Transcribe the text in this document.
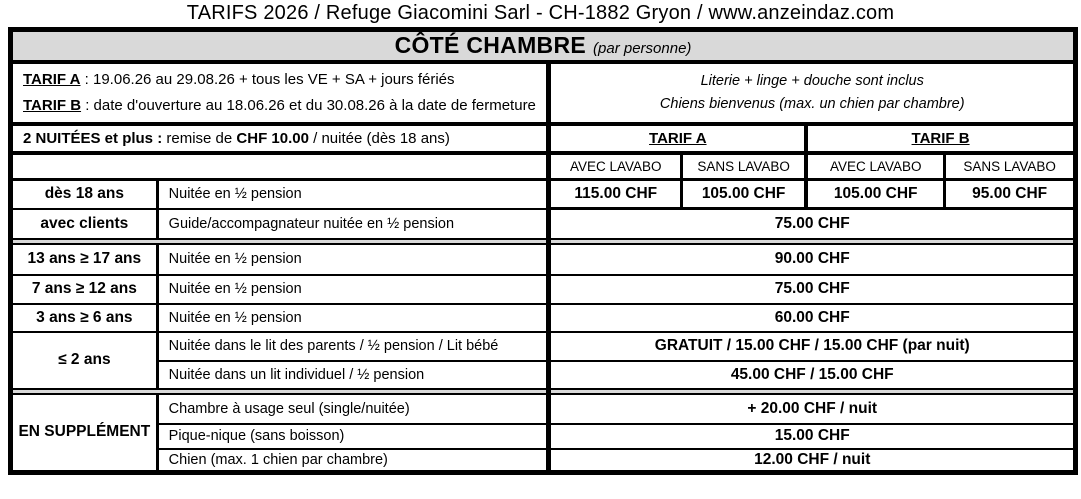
TARIFS 2026 / Refuge Giacomini Sarl - CH-1882 Gryon / www.anzeindaz.com
CÔTÉ CHAMBRE (par personne)					

TARIF A : 19.06.26 au 29.08.26 + tous les VE + SA + jours fériés
TARIF B : date d'ouverture au 18.06.26 et du 30.08.26 à la date de fermeture

Literie + linge + douche sont inclus
Chiens bienvenus (max. un chien par chambre)

2 NUITÉES et plus : remise de CHF 10.00 / nuitée (dès 18 ans)		TARIF A		TARIF B	
		AVEC LAVABO	SANS LAVABO	AVEC LAVABO	SANS LAVABO
dès 18 ans	Nuitée en ½ pension	115.00 CHF	105.00 CHF	105.00 CHF	95.00 CHF
avec clients	Guide/accompagnateur nuitée en ½ pension	75.00 CHF			

13 ans ≥ 17 ans	Nuitée en ½ pension	90.00 CHF			
7 ans ≥ 12 ans	Nuitée en ½ pension	75.00 CHF			
3 ans ≥ 6 ans	Nuitée en ½ pension	60.00 CHF			
≤ 2 ans	Nuitée dans le lit des parents / ½ pension / Lit bébé	GRATUIT / 15.00 CHF / 15.00 CHF (par nuit)			
	Nuitée dans un lit individuel / ½ pension	45.00 CHF / 15.00 CHF			

EN SUPPLÉMENT	Chambre à usage seul (single/nuitée)	+ 20.00 CHF / nuit			
	Pique-nique (sans boisson)	15.00 CHF			
	Chien (max. 1 chien par chambre)	12.00 CHF / nuit			
